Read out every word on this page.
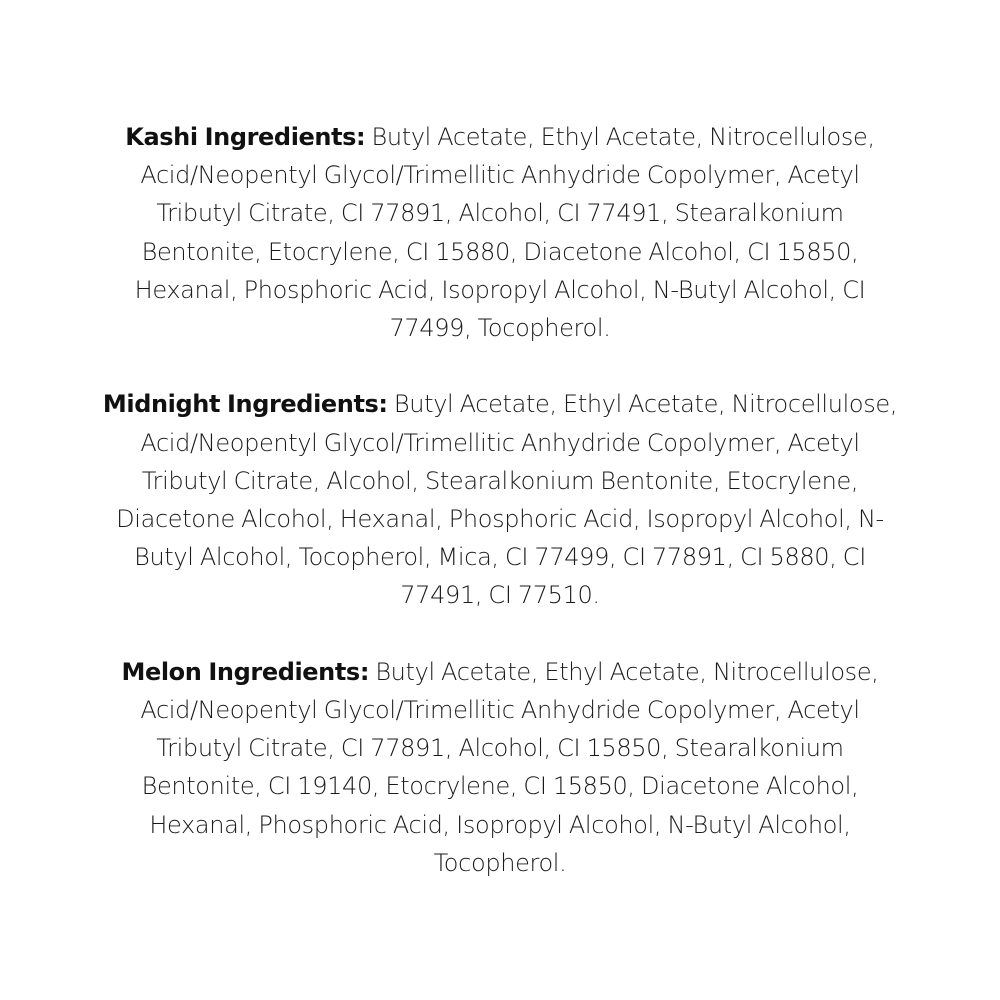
Kashi Ingredients: Butyl Acetate, Ethyl Acetate, Nitrocellulose, Acid/Neopentyl Glycol/Trimellitic Anhydride Copolymer, Acetyl Tributyl Citrate, CI 77891, Alcohol, CI 77491, Stearalkonium Bentonite, Etocrylene, CI 15880, Diacetone Alcohol, CI 15850, Hexanal, Phosphoric Acid, Isopropyl Alcohol, N-Butyl Alcohol, CI 77499, Tocopherol.

Midnight Ingredients: Butyl Acetate, Ethyl Acetate, Nitrocellulose, Acid/Neopentyl Glycol/Trimellitic Anhydride Copolymer, Acetyl Tributyl Citrate, Alcohol, Stearalkonium Bentonite, Etocrylene, Diacetone Alcohol, Hexanal, Phosphoric Acid, Isopropyl Alcohol, N-Butyl Alcohol, Tocopherol, Mica, CI 77499, CI 77891, CI 5880, CI 77491, CI 77510.

Melon Ingredients: Butyl Acetate, Ethyl Acetate, Nitrocellulose, Acid/Neopentyl Glycol/Trimellitic Anhydride Copolymer, Acetyl Tributyl Citrate, CI 77891, Alcohol, CI 15850, Stearalkonium Bentonite, CI 19140, Etocrylene, CI 15850, Diacetone Alcohol, Hexanal, Phosphoric Acid, Isopropyl Alcohol, N-Butyl Alcohol, Tocopherol.
